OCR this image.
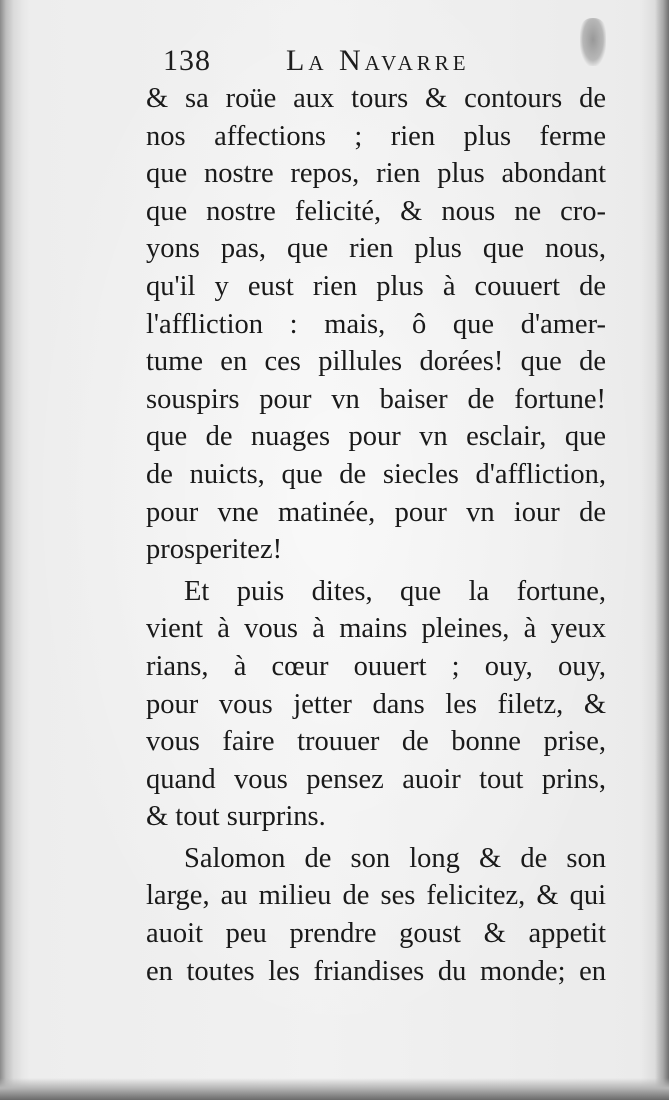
138	La Navarre
& sa roüe aux tours & contours de
nos affections ; rien plus ferme
que nostre repos, rien plus abondant
que nostre felicité, & nous ne cro-
yons pas, que rien plus que nous,
qu'il y eust rien plus à couuert de
l'affliction : mais, ô que d'amer-
tume en ces pillules dorées! que de
souspirs pour vn baiser de fortune!
que de nuages pour vn esclair, que
de nuicts, que de siecles d'affliction,
pour vne matinée, pour vn iour de
prosperitez!
Et puis dites, que la fortune,
vient à vous à mains pleines, à yeux
rians, à cœur ouuert ; ouy, ouy,
pour vous jetter dans les filetz, &
vous faire trouuer de bonne prise,
quand vous pensez auoir tout prins,
& tout surprins.
Salomon de son long & de son
large, au milieu de ses felicitez, & qui
auoit peu prendre goust & appetit
en toutes les friandises du monde; en
